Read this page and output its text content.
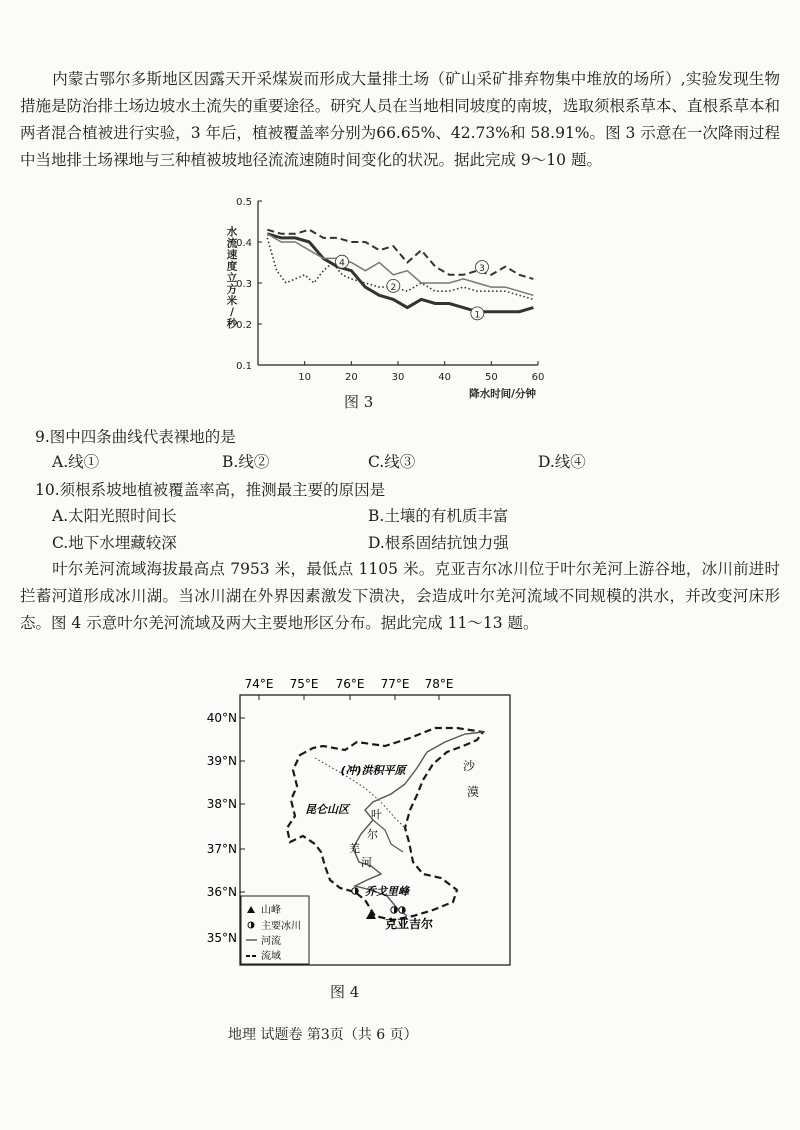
内蒙古鄂尔多斯地区因露天开采煤炭而形成大量排土场（矿山采矿排弃物集中堆放的场所）,实验发现生物措施是防治排土场边坡水土流失的重要途径。研究人员在当地相同坡度的南坡，选取须根系草本、直根系草本和两者混合植被进行实验，3 年后，植被覆盖率分别为66.65%、42.73%和 58.91%。图 3 示意在一次降雨过程中当地排土场裸地与三种植被坡地径流流速随时间变化的状况。据此完成 9～10 题。

0.1
0.2
0.3
0.4
0.5
10	20	30	40	50	60
水
流
速
度
立
方
米
/
秒
降水时间/分钟
1
2
3
4
图 3
9.图中四条曲线代表裸地的是
A.线①	B.线②	C.线③	D.线④
10.须根系坡地植被覆盖率高，推测最主要的原因是
A.太阳光照时间长	B.土壤的有机质丰富
C.地下水埋藏较深	D.根系固结抗蚀力强

叶尔羌河流域海拔最高点 7953 米，最低点 1105 米。克亚吉尔冰川位于叶尔羌河上游谷地，冰川前进时拦蓄河道形成冰川湖。当冰川湖在外界因素激发下溃决，会造成叶尔羌河流域不同规模的洪水，并改变河床形态。图 4 示意叶尔羌河流域及两大主要地形区分布。据此完成 11～13 题。

74°E 75°E 76°E 77°E 78°E
40°N
39°N
38°N
37°N
36°N
35°N
(冲)洪积平原
昆仑山区
沙
漠
叶
尔
羌
河
乔戈里峰
克亚吉尔
山峰
主要冰川
河流
流域
图 4
地理 试题卷 第3页（共 6 页）
